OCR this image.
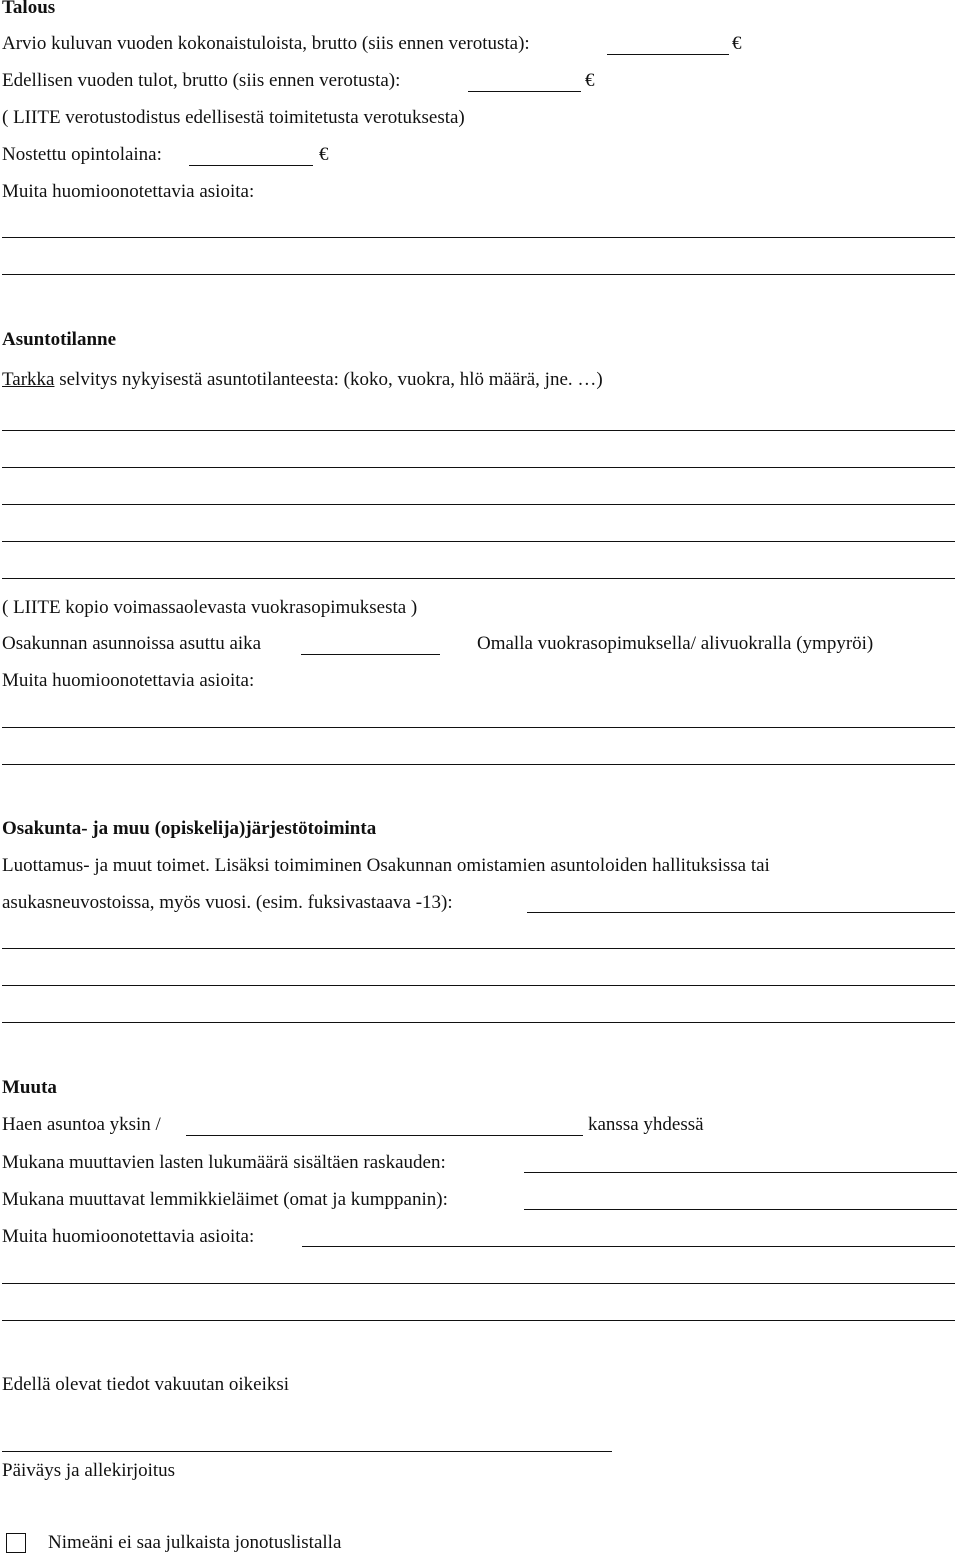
Talous
Arvio kuluvan vuoden kokonaistuloista, brutto (siis ennen verotusta):	€
Edellisen vuoden tulot, brutto (siis ennen verotusta):	€
( LIITE verotustodistus edellisestä toimitetusta verotuksesta)
Nostettu opintolaina:	€
Muita huomioonotettavia asioita:
Asuntotilanne
Tarkka selvitys nykyisestä asuntotilanteesta: (koko, vuokra, hlö määrä, jne. …)
( LIITE kopio voimassaolevasta vuokrasopimuksesta )
Osakunnan asunnoissa asuttu aika	Omalla vuokrasopimuksella/ alivuokralla (ympyröi)
Muita huomioonotettavia asioita:
Osakunta- ja muu (opiskelija)järjestötoiminta
Luottamus- ja muut toimet. Lisäksi toimiminen Osakunnan omistamien asuntoloiden hallituksissa tai
asukasneuvostoissa, myös vuosi. (esim. fuksivastaava -13):
Muuta
Haen asuntoa yksin /	kanssa yhdessä
Mukana muuttavien lasten lukumäärä sisältäen raskauden:
Mukana muuttavat lemmikkieläimet (omat ja kumppanin):
Muita huomioonotettavia asioita:
Edellä olevat tiedot vakuutan oikeiksi
Päiväys ja allekirjoitus
Nimeäni ei saa julkaista jonotuslistalla
